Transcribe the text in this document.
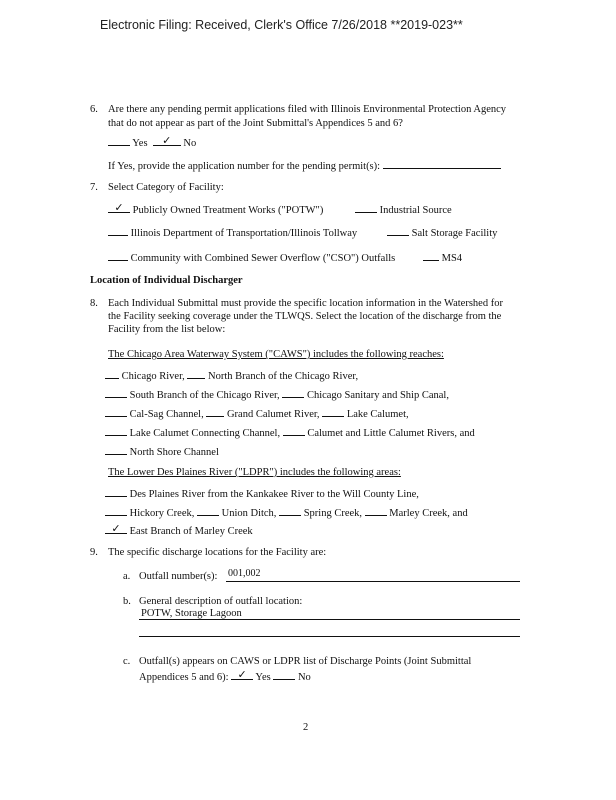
Electronic Filing: Received, Clerk's Office 7/26/2018 **2019-023**
6. Are there any pending permit applications filed with Illinois Environmental Protection Agency
that do not appear as part of the Joint Submittal's Appendices 5 and 6?
Yes	✓	No
If Yes, provide the application number for the pending permit(s):
7. Select Category of Facility:
✓ Publicly Owned Treatment Works ("POTW")	Industrial Source
Illinois Department of Transportation/Illinois Tollway	Salt Storage Facility
Community with Combined Sewer Overflow ("CSO") Outfalls	MS4
Location of Individual Discharger
8. Each Individual Submittal must provide the specific location information in the Watershed for
the Facility seeking coverage under the TLWQS. Select the location of the discharge from the
Facility from the list below:
The Chicago Area Waterway System ("CAWS") includes the following reaches:
Chicago River, North Branch of the Chicago River,
South Branch of the Chicago River,	Chicago Sanitary and Ship Canal,
Cal-Sag Channel, Grand Calumet River,	Lake Calumet,
Lake Calumet Connecting Channel,	Calumet and Little Calumet Rivers, and
North Shore Channel
The Lower Des Plaines River ("LDPR") includes the following areas:
Des Plaines River from the Kankakee River to the Will County Line,
Hickory Creek,	Union Ditch,	Spring Creek,	Marley Creek, and
✓ East Branch of Marley Creek
9. The specific discharge locations for the Facility are:
a. Outfall number(s): 001,002
b. General description of outfall location:
POTW, Storage Lagoon
c. Outfall(s) appears on CAWS or LDPR list of Discharge Points (Joint Submittal
Appendices 5 and 6): ✓ Yes	No
2
